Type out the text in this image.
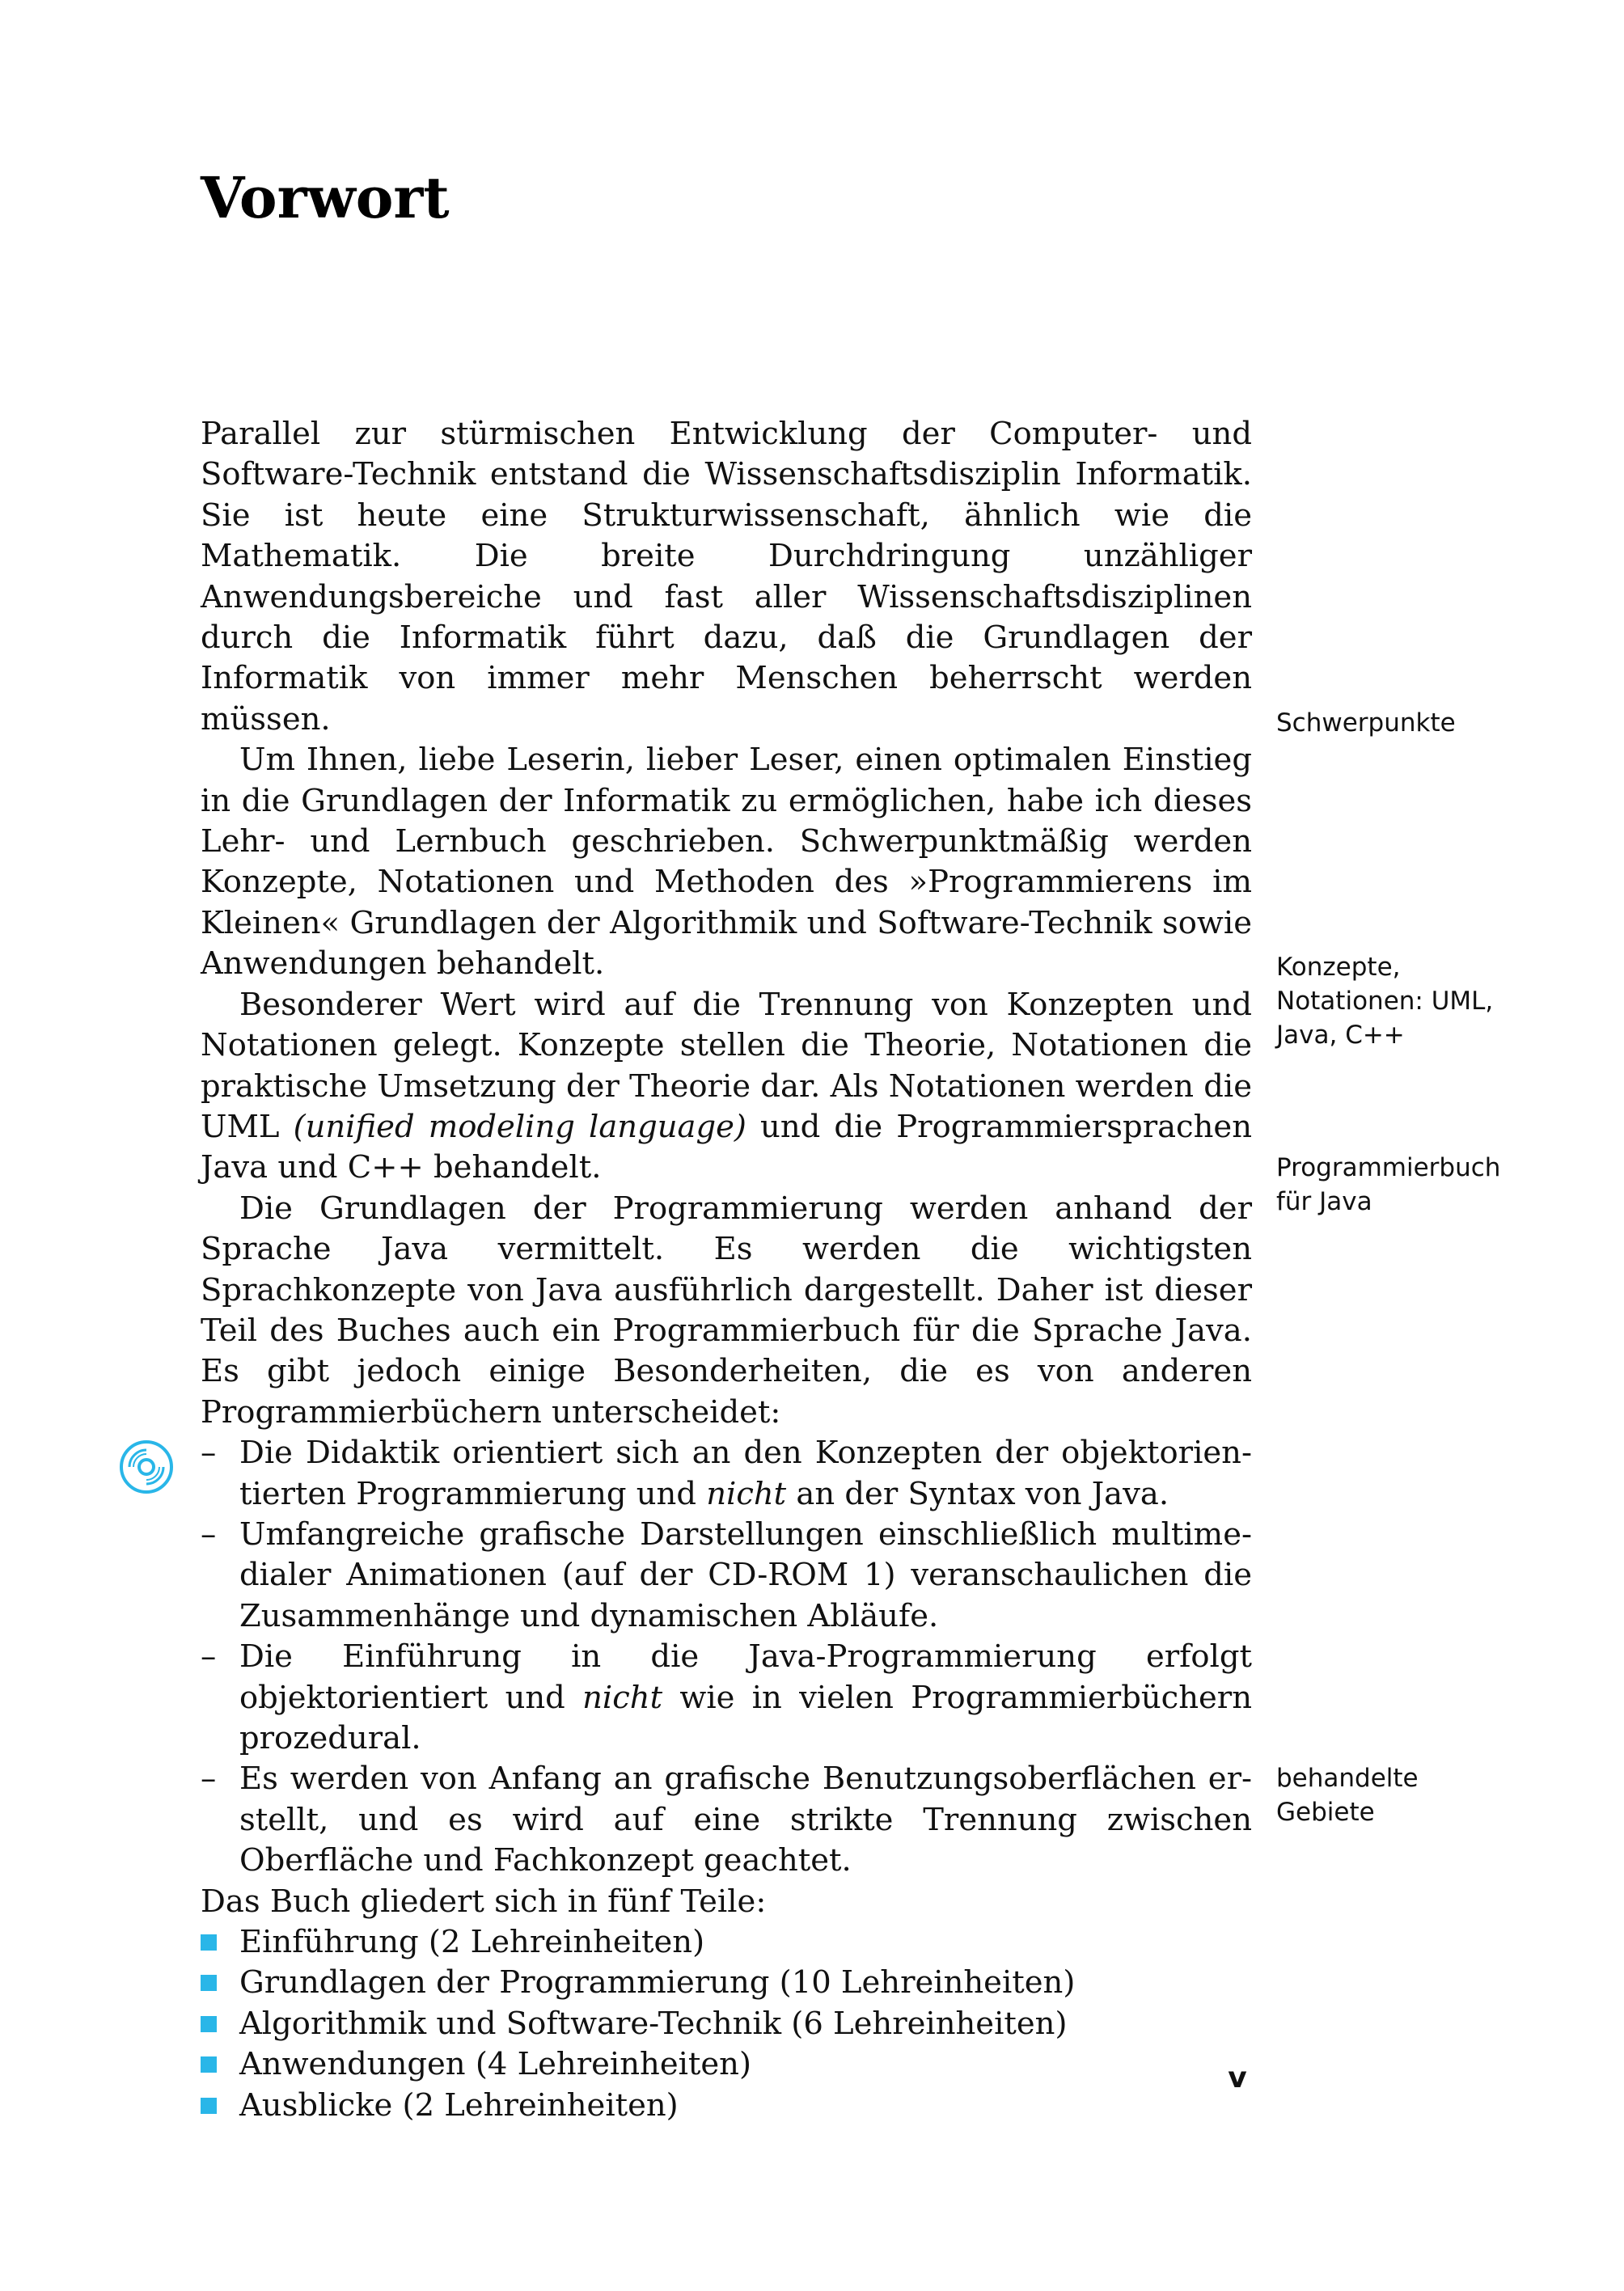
Vorwort

Parallel zur stürmischen Entwicklung der Computer- und Software-Technik entstand die Wissenschaftsdisziplin Informatik. Sie ist heute eine Strukturwissenschaft, ähnlich wie die Mathematik. Die breite Durchdringung unzähliger Anwendungsbereiche und fast aller Wissenschaftsdisziplinen durch die Informatik führt dazu, daß die Grundlagen der Informatik von immer mehr Menschen beherrscht werden müssen.

Um Ihnen, liebe Leserin, lieber Leser, einen optimalen Einstieg in die Grundlagen der Informatik zu ermöglichen, habe ich dieses Lehr- und Lernbuch geschrieben. Schwerpunktmäßig werden Konzepte, Notationen und Methoden des »Programmierens im Kleinen« Grundlagen der Algorithmik und Software-Technik sowie Anwendungen behandelt.

Besonderer Wert wird auf die Trennung von Konzepten und Notationen gelegt. Konzepte stellen die Theorie, Notationen die praktische Umsetzung der Theorie dar. Als Notationen werden die UML (unified modeling language) und die Programmiersprachen Java und C++ behandelt.

Die Grundlagen der Programmierung werden anhand der Sprache Java vermittelt. Es werden die wichtigsten Sprachkonzepte von Java ausführlich dargestellt. Daher ist dieser Teil des Buches auch ein Programmierbuch für die Sprache Java. Es gibt jedoch einige Besonderheiten, die es von anderen Programmierbüchern unterscheidet:

– Die Didaktik orientiert sich an den Konzepten der objektorientierten Programmierung und nicht an der Syntax von Java.
– Umfangreiche grafische Darstellungen einschließlich multimedialer Animationen (auf der CD-ROM 1) veranschaulichen die Zusammenhänge und dynamischen Abläufe.
– Die Einführung in die Java-Programmierung erfolgt objektorientiert und nicht wie in vielen Programmierbüchern prozedural.
– Es werden von Anfang an grafische Benutzungsoberflächen erstellt, und es wird auf eine strikte Trennung zwischen Oberfläche und Fachkonzept geachtet.

Das Buch gliedert sich in fünf Teile:

Einführung (2 Lehreinheiten)
Grundlagen der Programmierung (10 Lehreinheiten)
Algorithmik und Software-Technik (6 Lehreinheiten)
Anwendungen (4 Lehreinheiten)
Ausblicke (2 Lehreinheiten)
Schwerpunkte
Konzepte,
Notationen: UML,
Java, C++
Programmierbuch
für Java
behandelte
Gebiete
v
